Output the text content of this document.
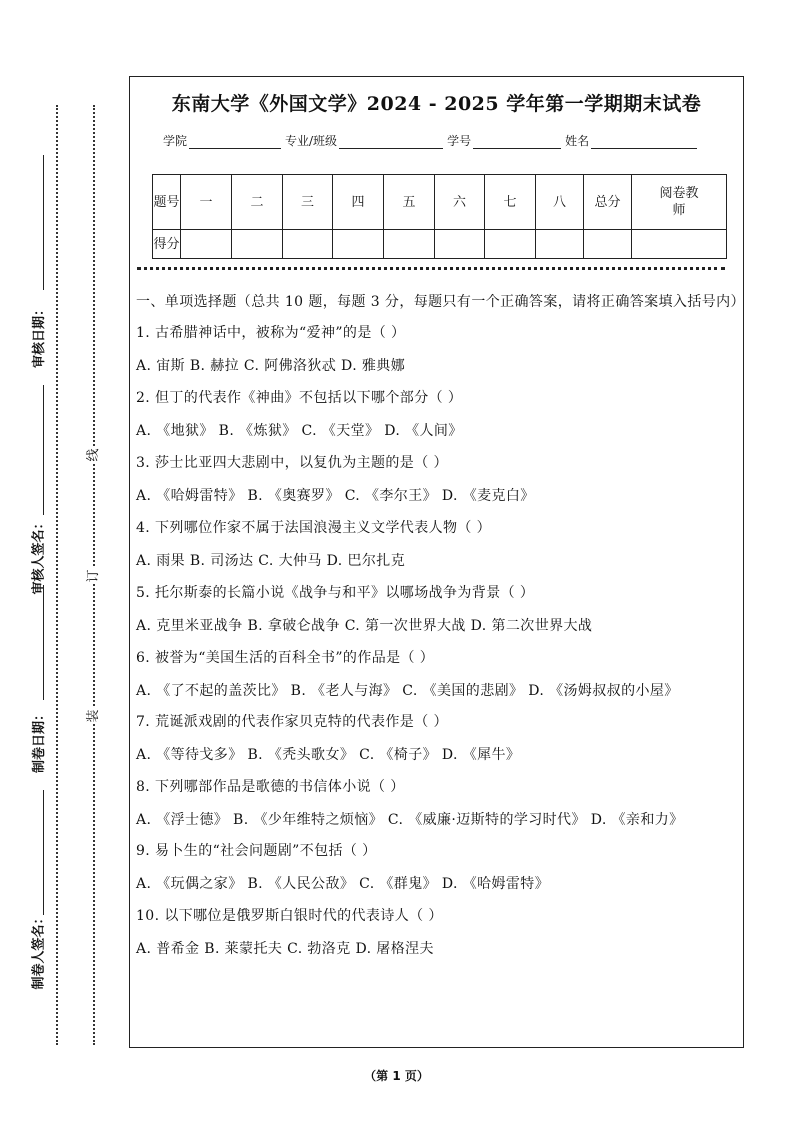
审核日期：
审核人签名：
制卷日期：
制卷人签名：
线
订
装
东南大学《外国文学》2024 - 2025 学年第一学期期末试卷
学院	专业/班级	学号	姓名
题号	一	二	三	四	五	六	七	八	总分	阅卷教师
得分										

一、单项选择题（总共 10 题，每题 3 分，每题只有一个正确答案，请将正确答案填入括号内）

1. 古希腊神话中，被称为“爱神”的是（ ）

A. 宙斯 B. 赫拉 C. 阿佛洛狄忒 D. 雅典娜

2. 但丁的代表作《神曲》不包括以下哪个部分（ ）

A. 《地狱》 B. 《炼狱》 C. 《天堂》 D. 《人间》

3. 莎士比亚四大悲剧中，以复仇为主题的是（ ）

A. 《哈姆雷特》 B. 《奥赛罗》 C. 《李尔王》 D. 《麦克白》

4. 下列哪位作家不属于法国浪漫主义文学代表人物（ ）

A. 雨果 B. 司汤达 C. 大仲马 D. 巴尔扎克

5. 托尔斯泰的长篇小说《战争与和平》以哪场战争为背景（ ）

A. 克里米亚战争 B. 拿破仑战争 C. 第一次世界大战 D. 第二次世界大战

6. 被誉为“美国生活的百科全书”的作品是（ ）

A. 《了不起的盖茨比》 B. 《老人与海》 C. 《美国的悲剧》 D. 《汤姆叔叔的小屋》

7. 荒诞派戏剧的代表作家贝克特的代表作是（ ）

A. 《等待戈多》 B. 《秃头歌女》 C. 《椅子》 D. 《犀牛》

8. 下列哪部作品是歌德的书信体小说（ ）

A. 《浮士德》 B. 《少年维特之烦恼》 C. 《威廉·迈斯特的学习时代》 D. 《亲和力》

9. 易卜生的“社会问题剧”不包括（ ）

A. 《玩偶之家》 B. 《人民公敌》 C. 《群鬼》 D. 《哈姆雷特》

10. 以下哪位是俄罗斯白银时代的代表诗人（ ）

A. 普希金 B. 莱蒙托夫 C. 勃洛克 D. 屠格涅夫

（第 1 页）
